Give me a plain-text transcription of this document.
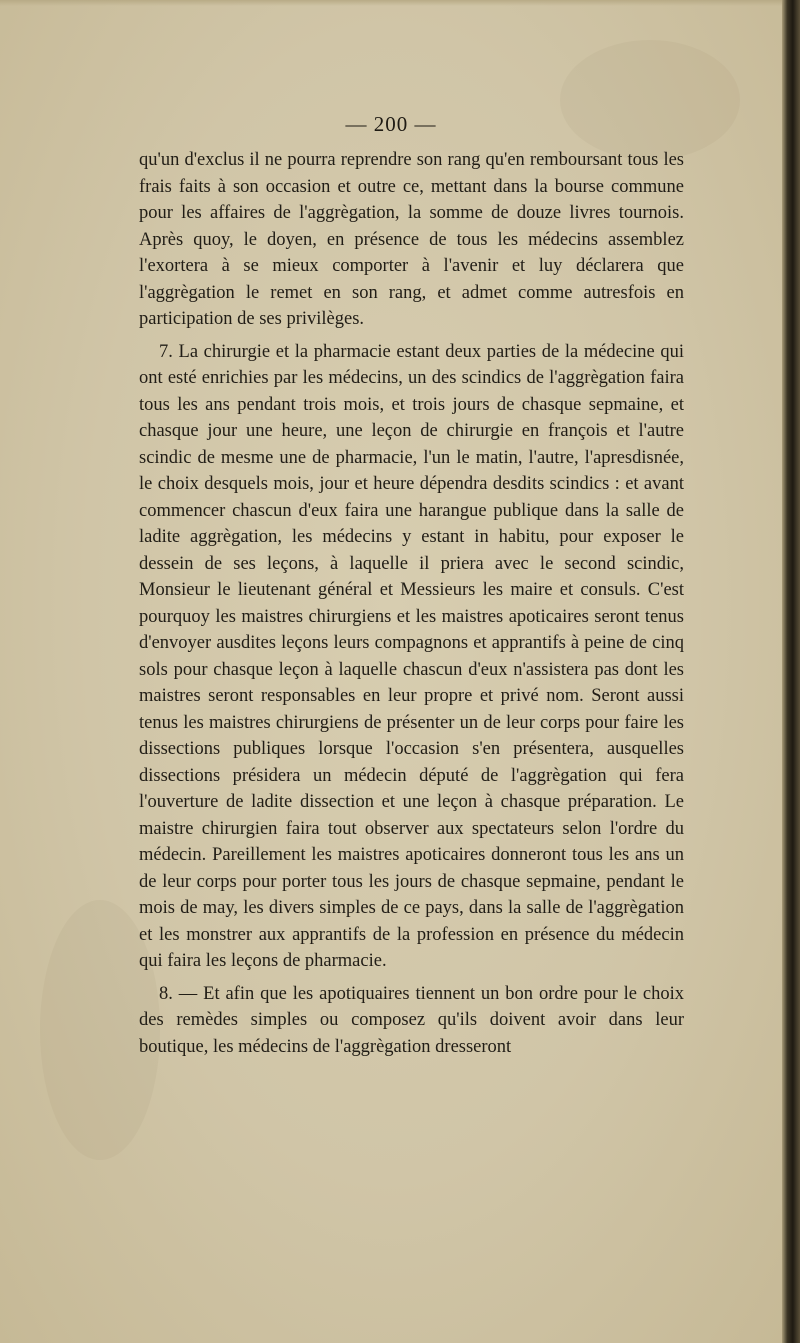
— 200 —

qu'un d'exclus il ne pourra reprendre son rang qu'en remboursant tous les frais faits à son occasion et outre ce, mettant dans la bourse commune pour les affaires de l'aggrègation, la somme de douze livres tournois. Après quoy, le doyen, en présence de tous les médecins assemblez l'exortera à se mieux comporter à l'avenir et luy déclarera que l'aggrègation le remet en son rang, et admet comme autresfois en participation de ses privilèges.

7. La chirurgie et la pharmacie estant deux parties de la médecine qui ont esté enrichies par les médecins, un des scindics de l'aggrègation faira tous les ans pendant trois mois, et trois jours de chasque sepmaine, et chasque jour une heure, une leçon de chirurgie en françois et l'autre scindic de mesme une de pharmacie, l'un le matin, l'autre, l'apresdisnée, le choix desquels mois, jour et heure dépendra desdits scindics : et avant commencer chascun d'eux faira une harangue publique dans la salle de ladite aggrègation, les médecins y estant in habitu, pour exposer le dessein de ses leçons, à laquelle il priera avec le second scindic, Monsieur le lieutenant général et Messieurs les maire et consuls. C'est pourquoy les maistres chirurgiens et les maistres apoticaires seront tenus d'envoyer ausdites leçons leurs compagnons et apprantifs à peine de cinq sols pour chasque leçon à laquelle chascun d'eux n'assistera pas dont les maistres seront responsables en leur propre et privé nom. Seront aussi tenus les maistres chirurgiens de présenter un de leur corps pour faire les dissections publiques lorsque l'occasion s'en présentera, ausquelles dissections présidera un médecin député de l'aggrègation qui fera l'ouverture de ladite dissection et une leçon à chasque préparation. Le maistre chirurgien faira tout observer aux spectateurs selon l'ordre du médecin. Pareillement les maistres apoticaires donneront tous les ans un de leur corps pour porter tous les jours de chasque sepmaine, pendant le mois de may, les divers simples de ce pays, dans la salle de l'aggrègation et les monstrer aux apprantifs de la profession en présence du médecin qui faira les leçons de pharmacie.

8. — Et afin que les apotiquaires tiennent un bon ordre pour le choix des remèdes simples ou composez qu'ils doivent avoir dans leur boutique, les médecins de l'aggrègation dresseront
